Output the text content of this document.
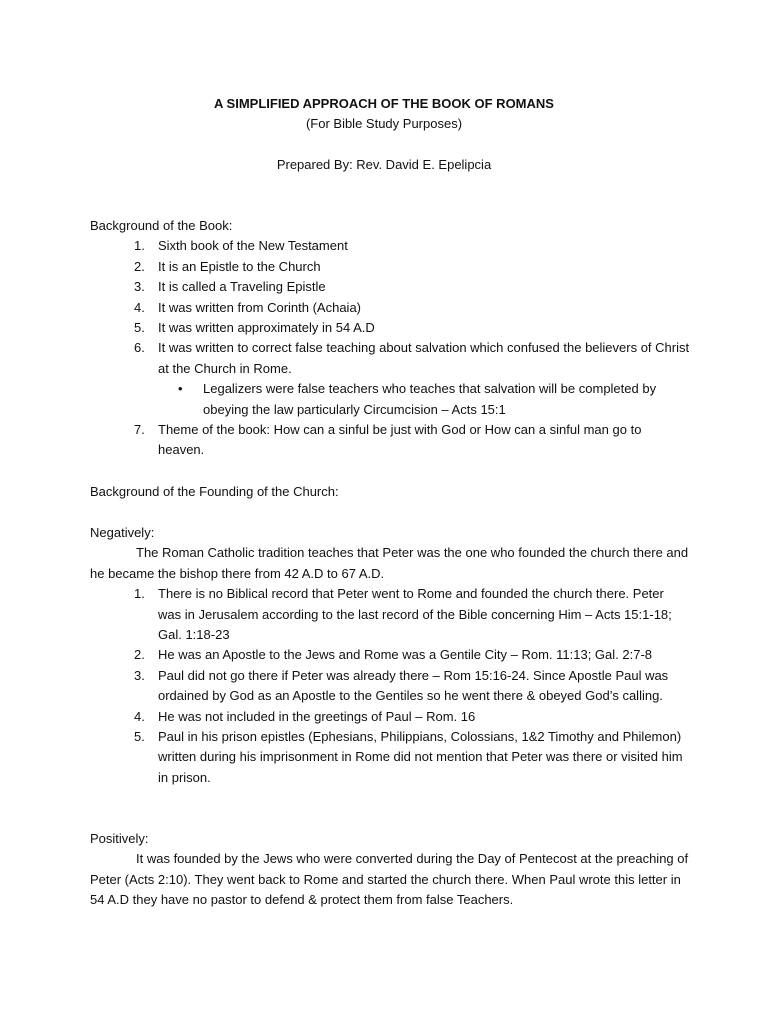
A SIMPLIFIED APPROACH OF THE BOOK OF ROMANS
(For Bible Study Purposes)
Prepared By: Rev. David E. Epelipcia
Background of the Book:
1. Sixth book of the New Testament
2. It is an Epistle to the Church
3. It is called a Traveling Epistle
4. It was written from Corinth (Achaia)
5. It was written approximately in 54 A.D
6. It was written to correct false teaching about salvation which confused the believers of Christ at the Church in Rome.
• Legalizers were false teachers who teaches that salvation will be completed by obeying the law particularly Circumcision – Acts 15:1
7. Theme of the book: How can a sinful be just with God or How can a sinful man go to heaven.
Background of the Founding of the Church:
Negatively:
The Roman Catholic tradition teaches that Peter was the one who founded the church there and he became the bishop there from 42 A.D to 67 A.D.
1. There is no Biblical record that Peter went to Rome and founded the church there. Peter was in Jerusalem according to the last record of the Bible concerning Him – Acts 15:1-18; Gal. 1:18-23
2. He was an Apostle to the Jews and Rome was a Gentile City – Rom. 11:13; Gal. 2:7-8
3. Paul did not go there if Peter was already there – Rom 15:16-24. Since Apostle Paul was ordained by God as an Apostle to the Gentiles so he went there & obeyed God’s calling.
4. He was not included in the greetings of Paul – Rom. 16
5. Paul in his prison epistles (Ephesians, Philippians, Colossians, 1&2 Timothy and Philemon) written during his imprisonment in Rome did not mention that Peter was there or visited him in prison.
Positively:
It was founded by the Jews who were converted during the Day of Pentecost at the preaching of Peter (Acts 2:10). They went back to Rome and started the church there. When Paul wrote this letter in 54 A.D they have no pastor to defend & protect them from false Teachers.
